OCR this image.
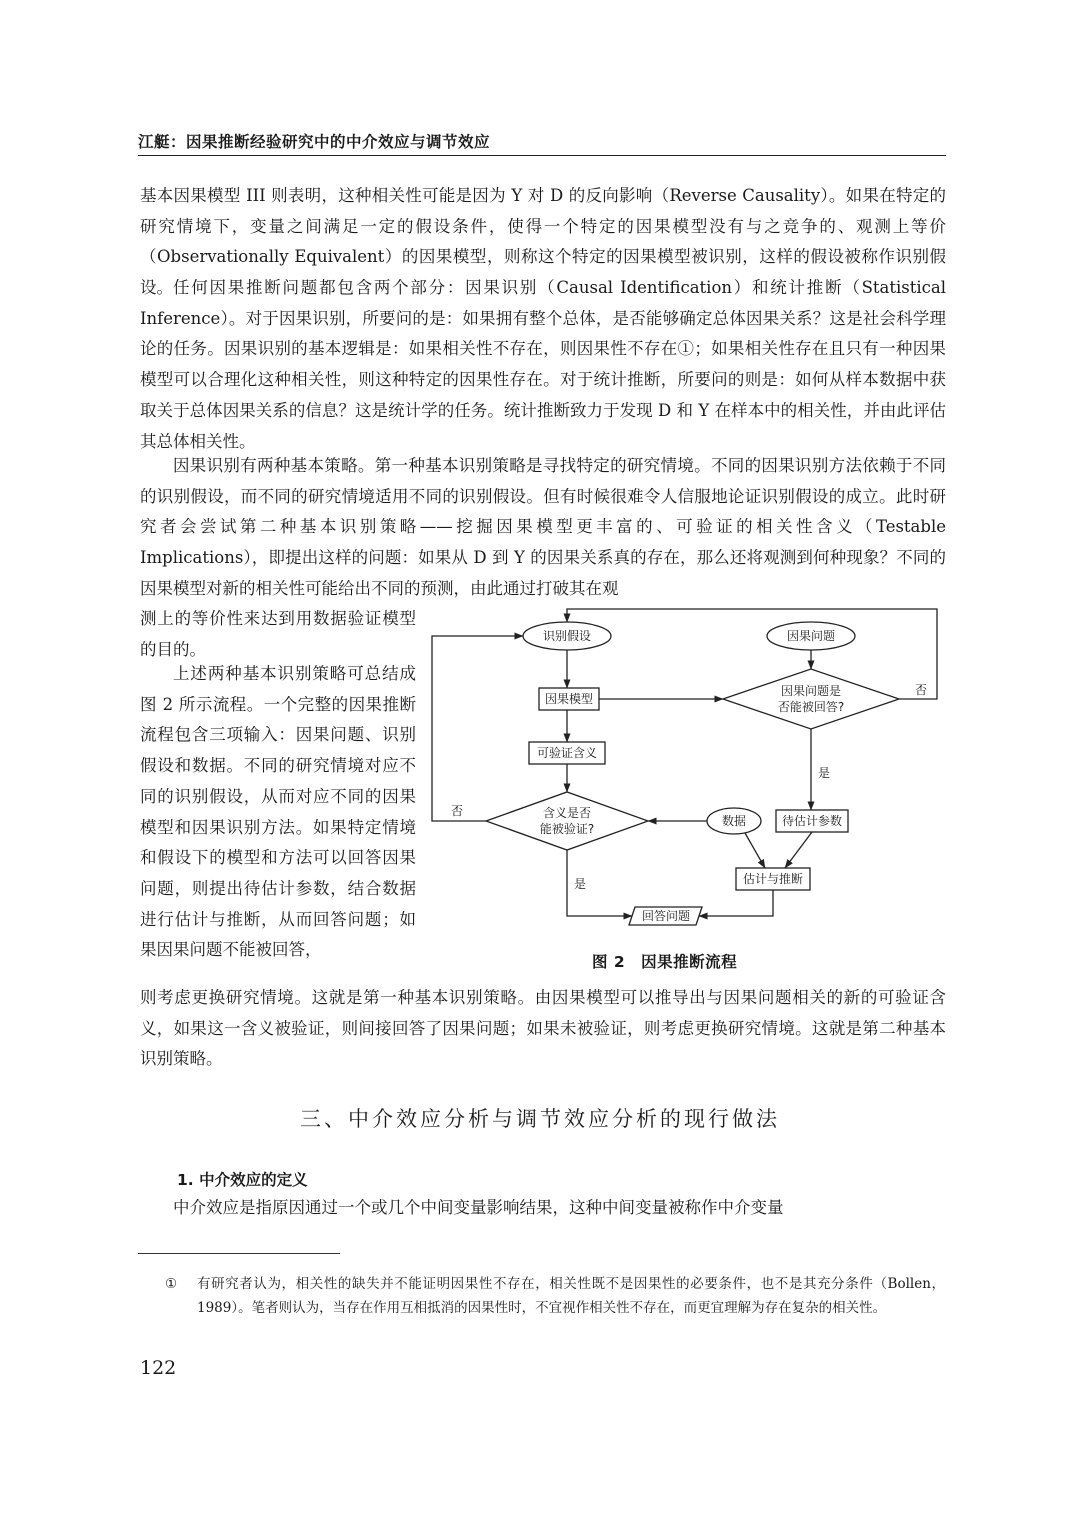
江艇：因果推断经验研究中的中介效应与调节效应

基本因果模型 III 则表明，这种相关性可能是因为 Y 对 D 的反向影响（Reverse Causality）。如果在特定的研究情境下，变量之间满足一定的假设条件，使得一个特定的因果模型没有与之竞争的、观测上等价（Observationally Equivalent）的因果模型，则称这个特定的因果模型被识别，这样的假设被称作识别假设。 任何因果推断问题都包含两个部分：因果识别（Causal Identification）和统计推断（Statistical Inference）。对于因果识别，所要问的是：如果拥有整个总体，是否能够确定总体因果关系？这是社会科学理论的任务。因果识别的基本逻辑是：如果相关性不存在，则因果性不存在①；如果相关性存在且只有一种因果模型可以合理化这种相关性，则这种特定的因果性存在。对于统计推断，所要问的则是：如何从样本数据中获取关于总体因果关系的信息？这是统计学的任务。统计推断致力于发现 D 和 Y 在样本中的相关性，并由此评估其总体相关性。

因果识别有两种基本策略。第一种基本识别策略是寻找特定的研究情境。不同的因果识别方法依赖于不同的识别假设，而不同的研究情境适用不同的识别假设。但有时候很难令人信服地论证识别假设的成立。此时研究者会尝试第二种基本识别策略——挖掘因果模型更丰富的、可验证的相关性含义（Testable Implications），即提出这样的问题：如果从 D 到 Y 的因果关系真的存在，那么还将观测到何种现象？不同的因果模型对新的相关性可能给出不同的预测，由此通过打破其在观

测上的等价性来达到用数据验证模型的目的。

上述两种基本识别策略可总结成图 2 所示流程。一个完整的因果推断流程包含三项输入：因果问题、识别假设和数据。不同的研究情境对应不同的识别假设，从而对应不同的因果模型和因果识别方法。如果特定情境和假设下的模型和方法可以回答因果问题，则提出待估计参数，结合数据进行估计与推断，从而回答问题；如果因果问题不能被回答，

则考虑更换研究情境。这就是第一种基本识别策略。由因果模型可以推导出与因果问题相关的新的可验证含义，如果这一含义被验证，则间接回答了因果问题；如果未被验证，则考虑更换研究情境。这就是第二种基本识别策略。

识别假设	因果问题
因果模型
因果问题是
否能被回答?
可验证含义
含义是否
能被验证?
数据	待估计参数
估计与推断
回答问题
否
是
否
是
图 2　因果推断流程
三、中介效应分析与调节效应分析的现行做法
1. 中介效应的定义

中介效应是指原因通过一个或几个中间变量影响结果，这种中间变量被称作中介变量

① 有研究者认为，相关性的缺失并不能证明因果性不存在，相关性既不是因果性的必要条件，也不是其充分条件（Bollen，1989）。笔者则认为，当存在作用互相抵消的因果性时，不宜视作相关性不存在，而更宜理解为存在复杂的相关性。
122
